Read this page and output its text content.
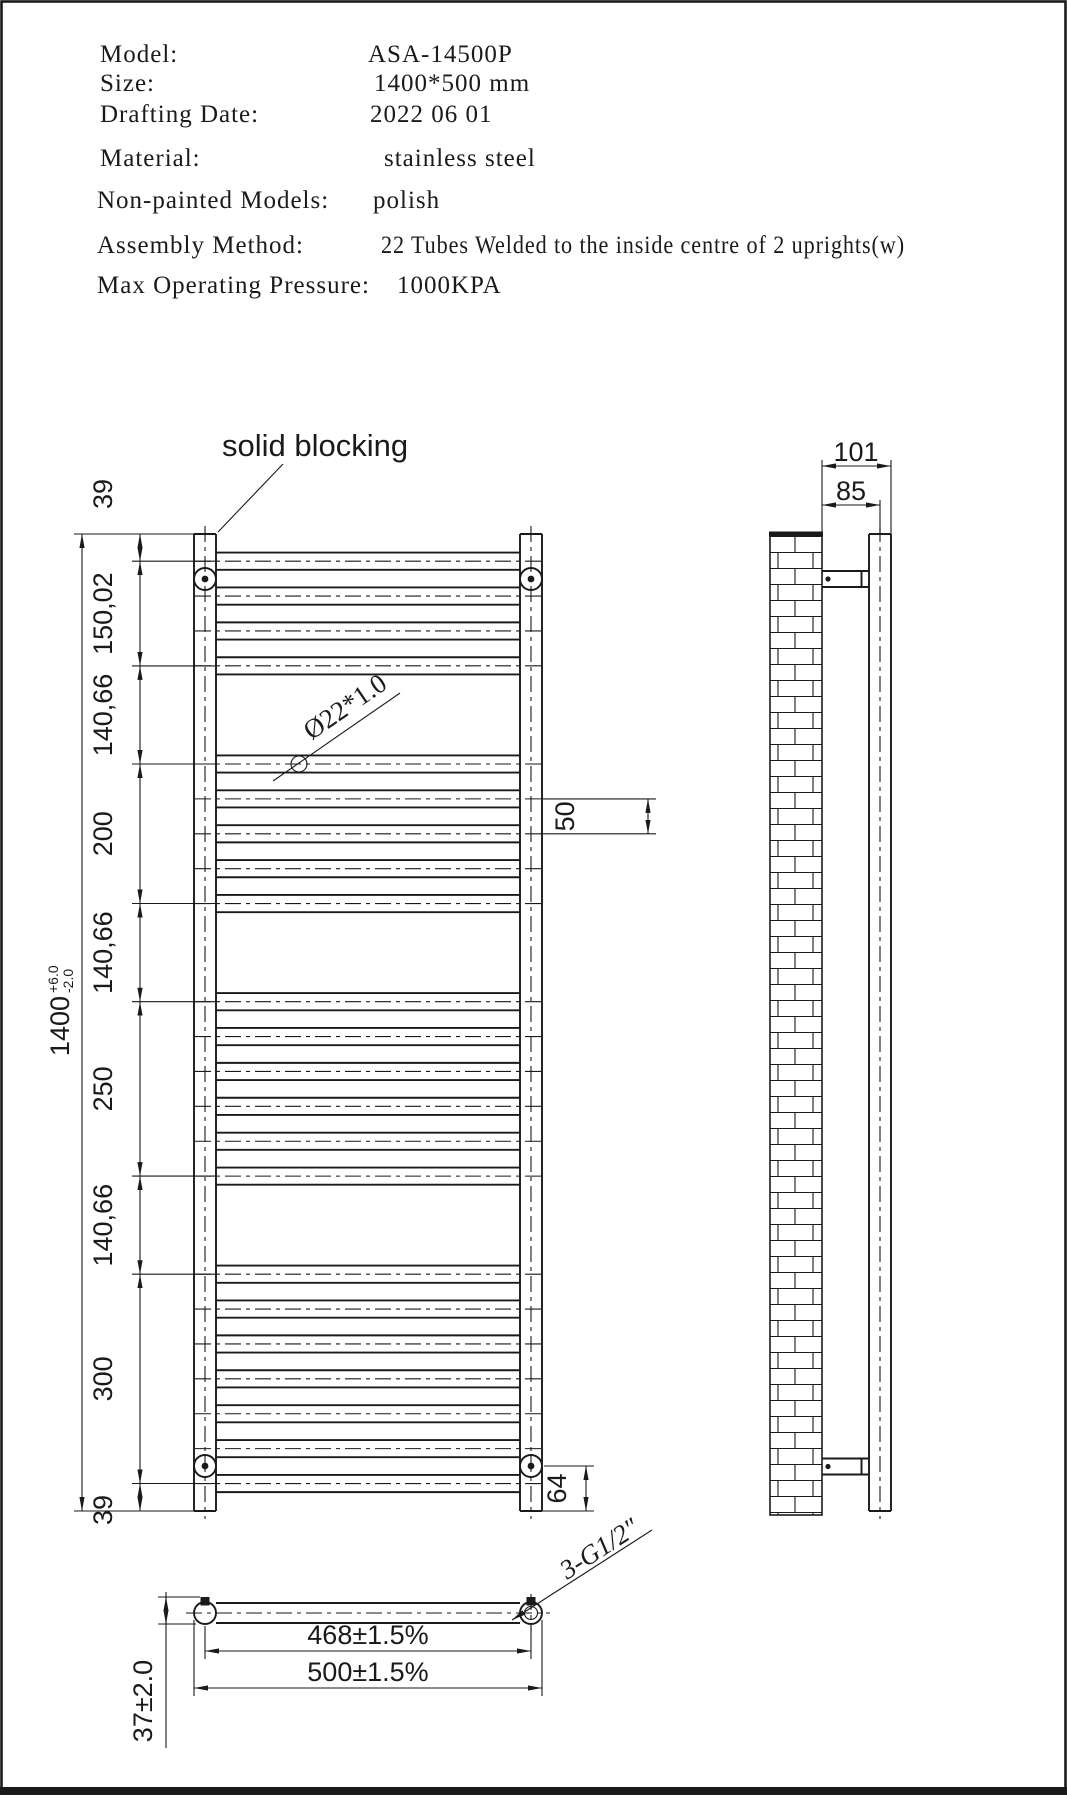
Model:	ASA-14500P
Size:	1400*500 mm
Drafting Date:	2022 06 01
Material:	stainless steel
Non-painted Models: polish
Assembly Method:	22 Tubes Welded to the inside centre of 2 uprights(w)
Max Operating Pressure: 1000KPA
solid blocking
Ø22*1.0
39
150,02
140,66
200
140,66
250
140,66
300
39
1400
+6.0 -2.0
50
64
101
85
3-G1/2″
37±2.0
468±1.5%
500±1.5%
